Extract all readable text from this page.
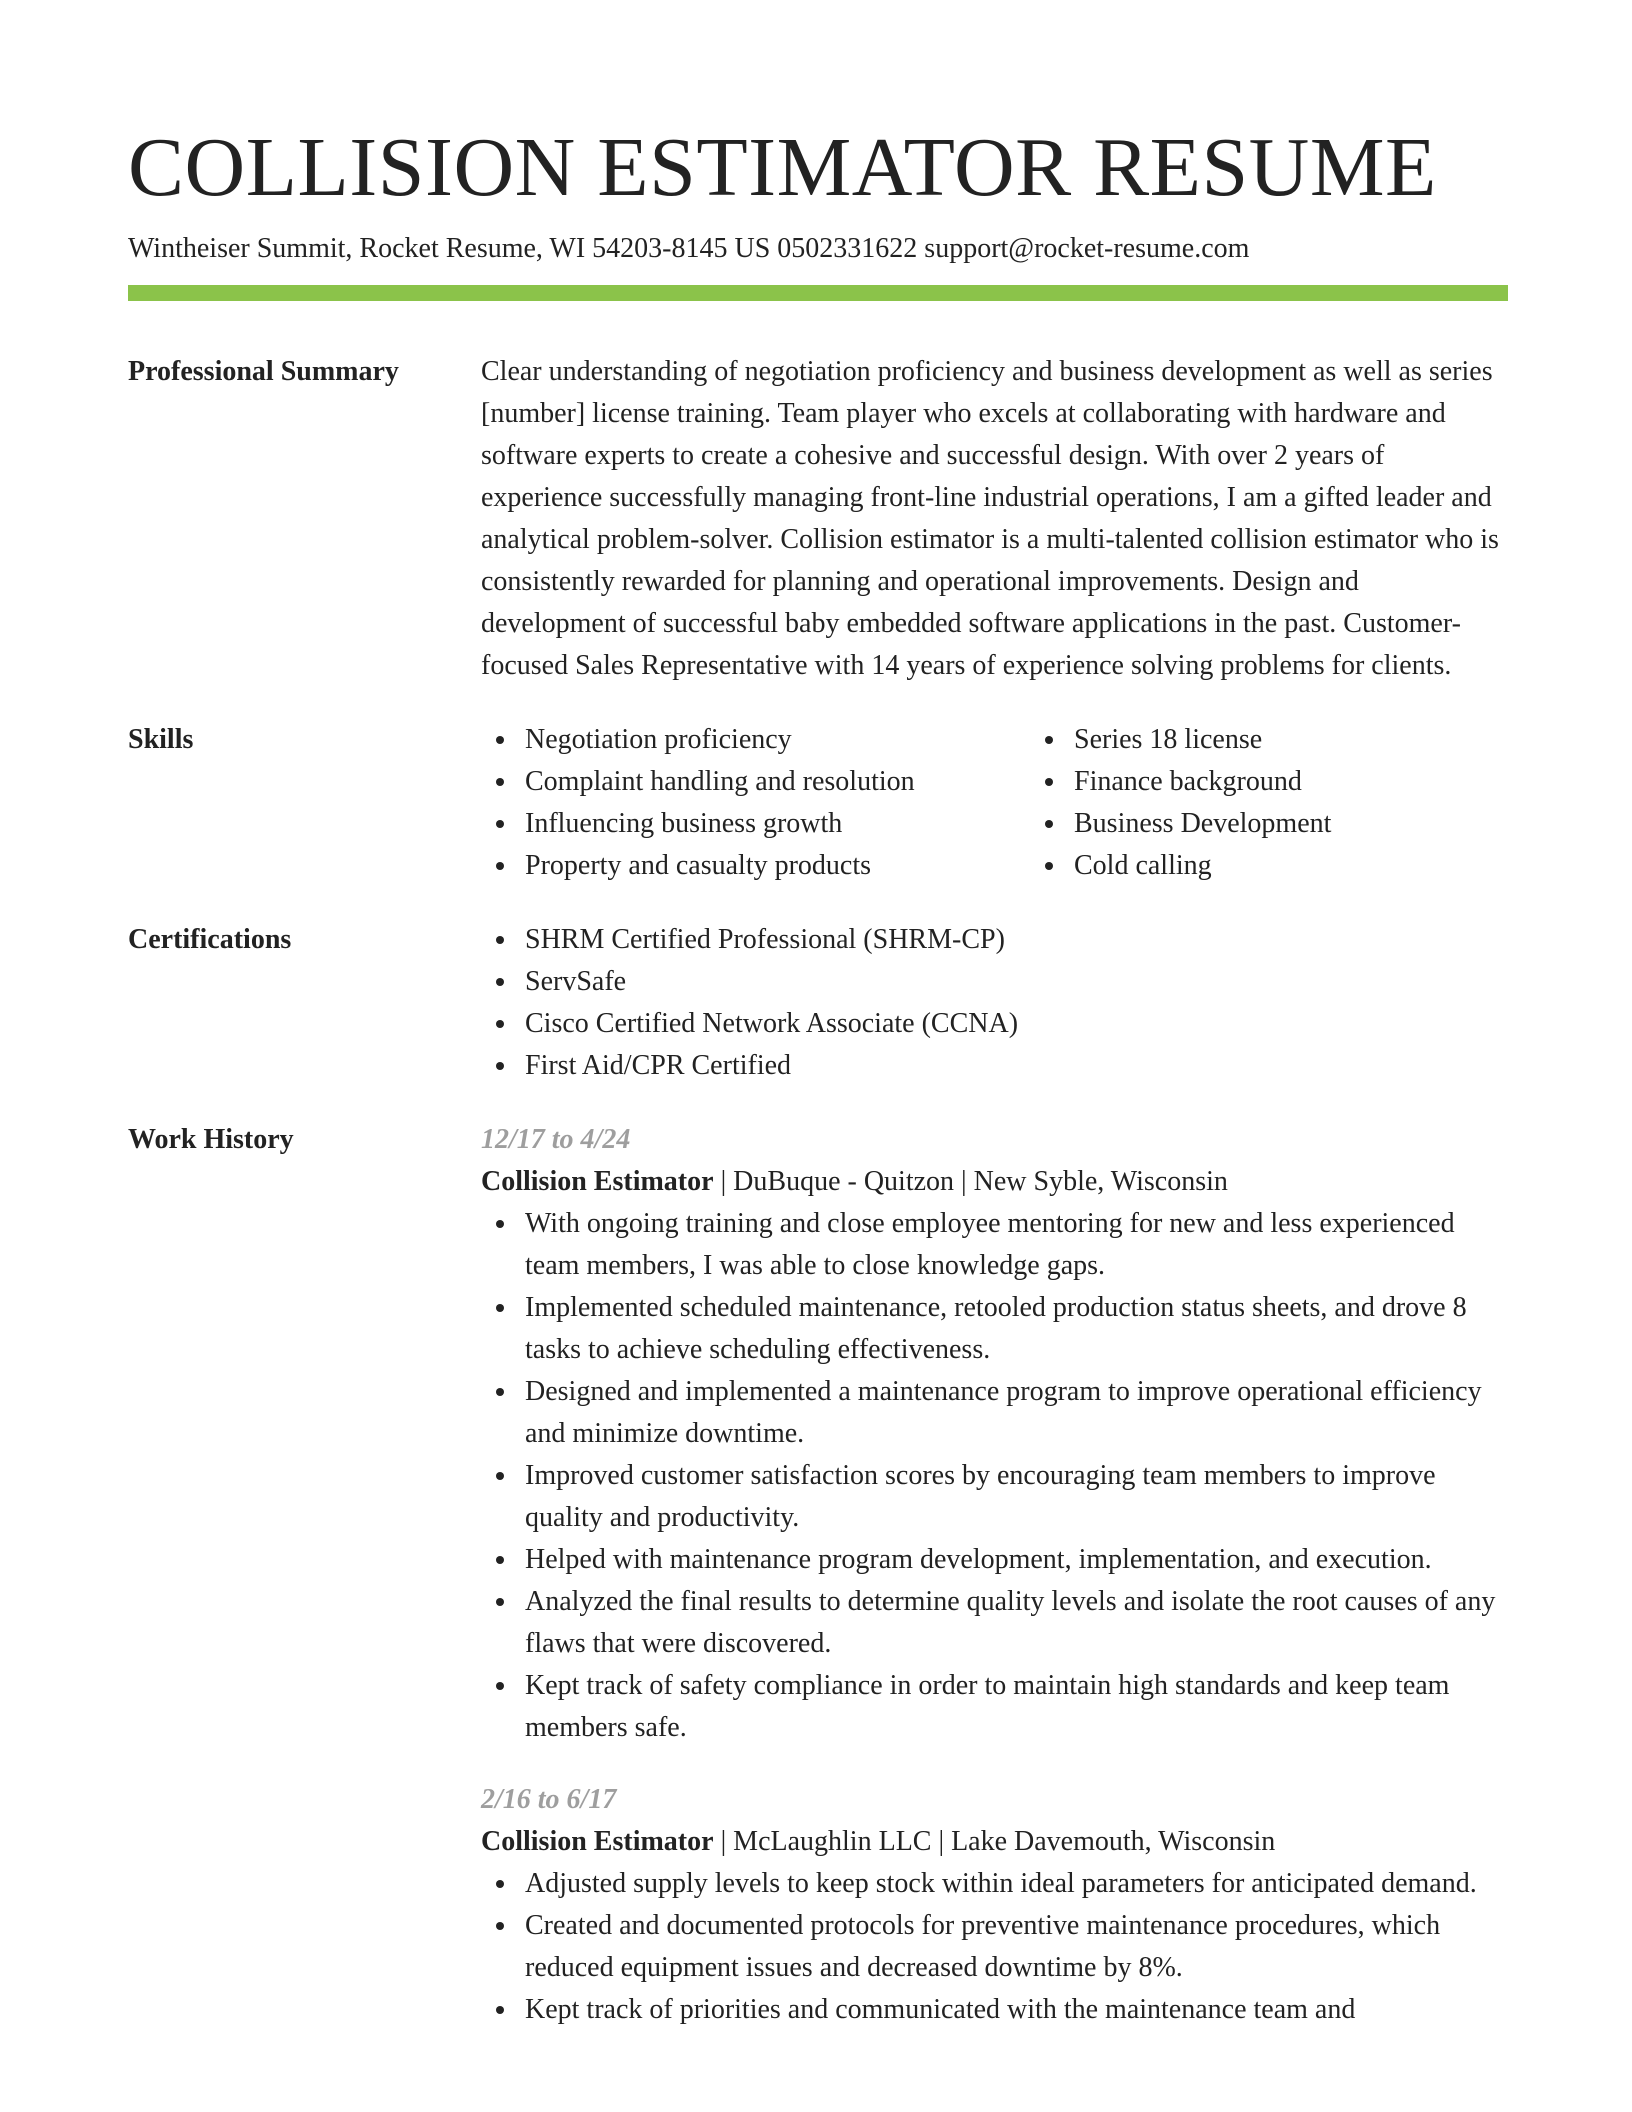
COLLISION ESTIMATOR RESUME
Wintheiser Summit, Rocket Resume, WI 54203-8145 US 0502331622 support@rocket-resume.com
Professional Summary	Clear understanding of negotiation proficiency and business development as well as series [number] license training. Team player who excels at collaborating with hardware and software experts to create a cohesive and successful design. With over 2 years of experience successfully managing front-line industrial operations, I am a gifted leader and analytical problem-solver. Collision estimator is a multi-talented collision estimator who is consistently rewarded for planning and operational improvements. Design and development of successful baby embedded software applications in the past. Customer-focused Sales Representative with 14 years of experience solving problems for clients.
Skills	Negotiation proficiency
Complaint handling and resolution
Influencing business growth
Property and casualty products
Series 18 license
Finance background
Business Development
Cold calling
Certifications	SHRM Certified Professional (SHRM-CP)
ServSafe
Cisco Certified Network Associate (CCNA)
First Aid/CPR Certified
Work History	12/17 to 4/24
Collision Estimator | DuBuque - Quitzon | New Syble, Wisconsin
With ongoing training and close employee mentoring for new and less experienced team members, I was able to close knowledge gaps.
Implemented scheduled maintenance, retooled production status sheets, and drove 8 tasks to achieve scheduling effectiveness.
Designed and implemented a maintenance program to improve operational efficiency and minimize downtime.
Improved customer satisfaction scores by encouraging team members to improve quality and productivity.
Helped with maintenance program development, implementation, and execution.
Analyzed the final results to determine quality levels and isolate the root causes of any flaws that were discovered.
Kept track of safety compliance in order to maintain high standards and keep team members safe.
2/16 to 6/17
Collision Estimator | McLaughlin LLC | Lake Davemouth, Wisconsin
Adjusted supply levels to keep stock within ideal parameters for anticipated demand.
Created and documented protocols for preventive maintenance procedures, which reduced equipment issues and decreased downtime by 8%.
Kept track of priorities and communicated with the maintenance team and
